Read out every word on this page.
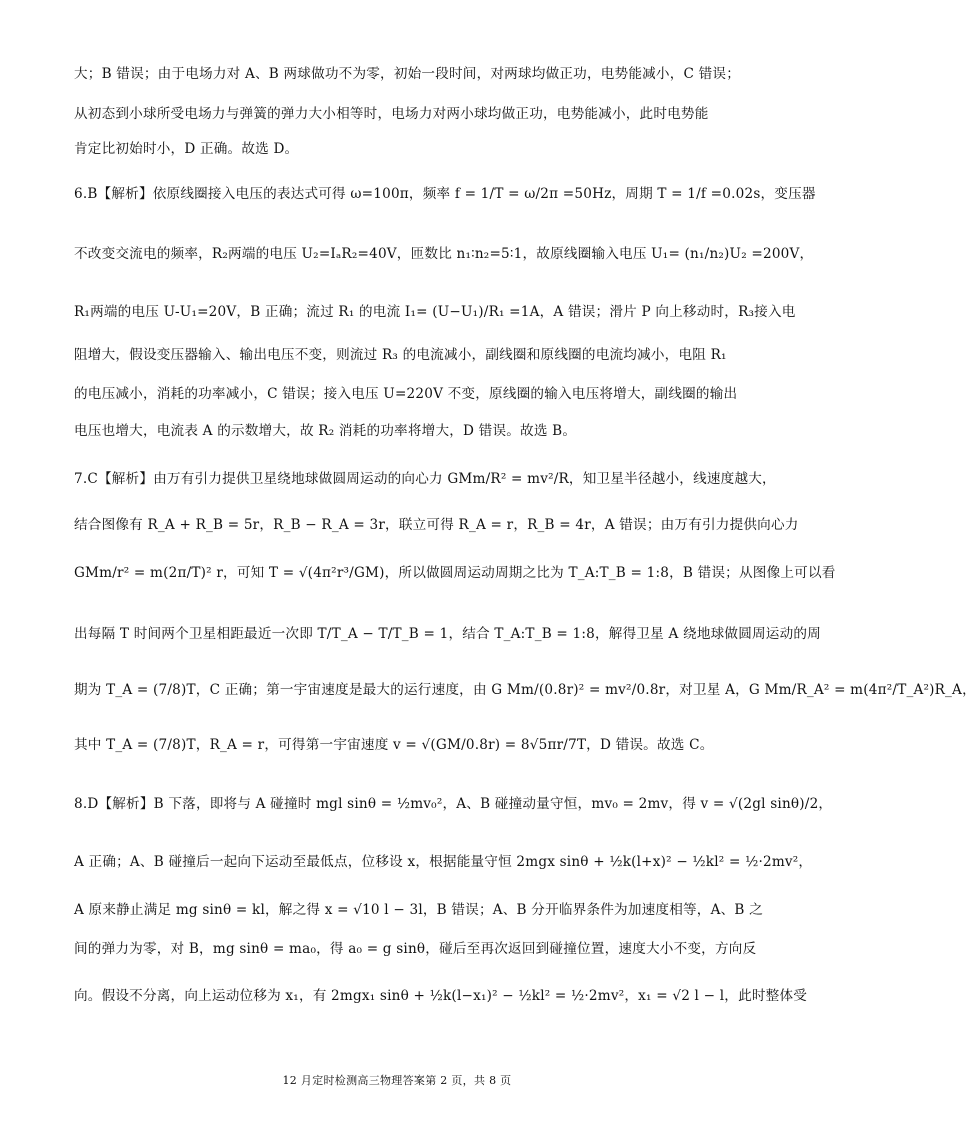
大；B 错误；由于电场力对 A、B 两球做功不为零，初始一段时间，对两球均做正功，电势能减小，C 错误；
从初态到小球所受电场力与弹簧的弹力大小相等时，电场力对两小球均做正功，电势能减小，此时电势能
肯定比初始时小，D 正确。故选 D。
6.B【解析】依原线圈接入电压的表达式可得 ω=100π，频率 f = 1/T = ω/2π =50Hz，周期 T = 1/f =0.02s，变压器
不改变交流电的频率，R₂两端的电压 U₂=IₐR₂=40V，匝数比 n₁∶n₂=5∶1，故原线圈输入电压 U₁= (n₁/n₂)U₂ =200V，
R₁两端的电压 U-U₁=20V，B 正确；流过 R₁ 的电流 I₁= (U−U₁)/R₁ =1A，A 错误；滑片 P 向上移动时，R₃接入电
阻增大，假设变压器输入、输出电压不变，则流过 R₃ 的电流减小，副线圈和原线圈的电流均减小，电阻 R₁
的电压减小，消耗的功率减小，C 错误；接入电压 U=220V 不变，原线圈的输入电压将增大，副线圈的输出
电压也增大，电流表 A 的示数增大，故 R₂ 消耗的功率将增大，D 错误。故选 B。
7.C【解析】由万有引力提供卫星绕地球做圆周运动的向心力 GMm/R² = mv²/R，知卫星半径越小，线速度越大，
结合图像有 R_A + R_B = 5r，R_B − R_A = 3r，联立可得 R_A = r，R_B = 4r，A 错误；由万有引力提供向心力
GMm/r² = m(2π/T)² r，可知 T = √(4π²r³/GM)，所以做圆周运动周期之比为 T_A:T_B = 1:8，B 错误；从图像上可以看
出每隔 T 时间两个卫星相距最近一次即 T/T_A − T/T_B = 1，结合 T_A:T_B = 1:8，解得卫星 A 绕地球做圆周运动的周
期为 T_A = (7/8)T，C 正确；第一宇宙速度是最大的运行速度，由 G Mm/(0.8r)² = mv²/0.8r，对卫星 A，G Mm/R_A² = m(4π²/T_A²)R_A，
其中 T_A = (7/8)T，R_A = r，可得第一宇宙速度 v = √(GM/0.8r) = 8√5πr/7T，D 错误。故选 C。
8.D【解析】B 下落，即将与 A 碰撞时 mgl sinθ = ½mv₀²，A、B 碰撞动量守恒，mv₀ = 2mv，得 v = √(2gl sinθ)/2，
A 正确；A、B 碰撞后一起向下运动至最低点，位移设 x，根据能量守恒 2mgx sinθ + ½k(l+x)² − ½kl² = ½·2mv²，
A 原来静止满足 mg sinθ = kl，解之得 x = √10 l − 3l，B 错误；A、B 分开临界条件为加速度相等，A、B 之
间的弹力为零，对 B，mg sinθ = ma₀，得 a₀ = g sinθ，碰后至再次返回到碰撞位置，速度大小不变，方向反
向。假设不分离，向上运动位移为 x₁，有 2mgx₁ sinθ + ½k(l−x₁)² − ½kl² = ½·2mv²，x₁ = √2 l − l，此时整体受
12 月定时检测高三物理答案第 2 页，共 8 页
